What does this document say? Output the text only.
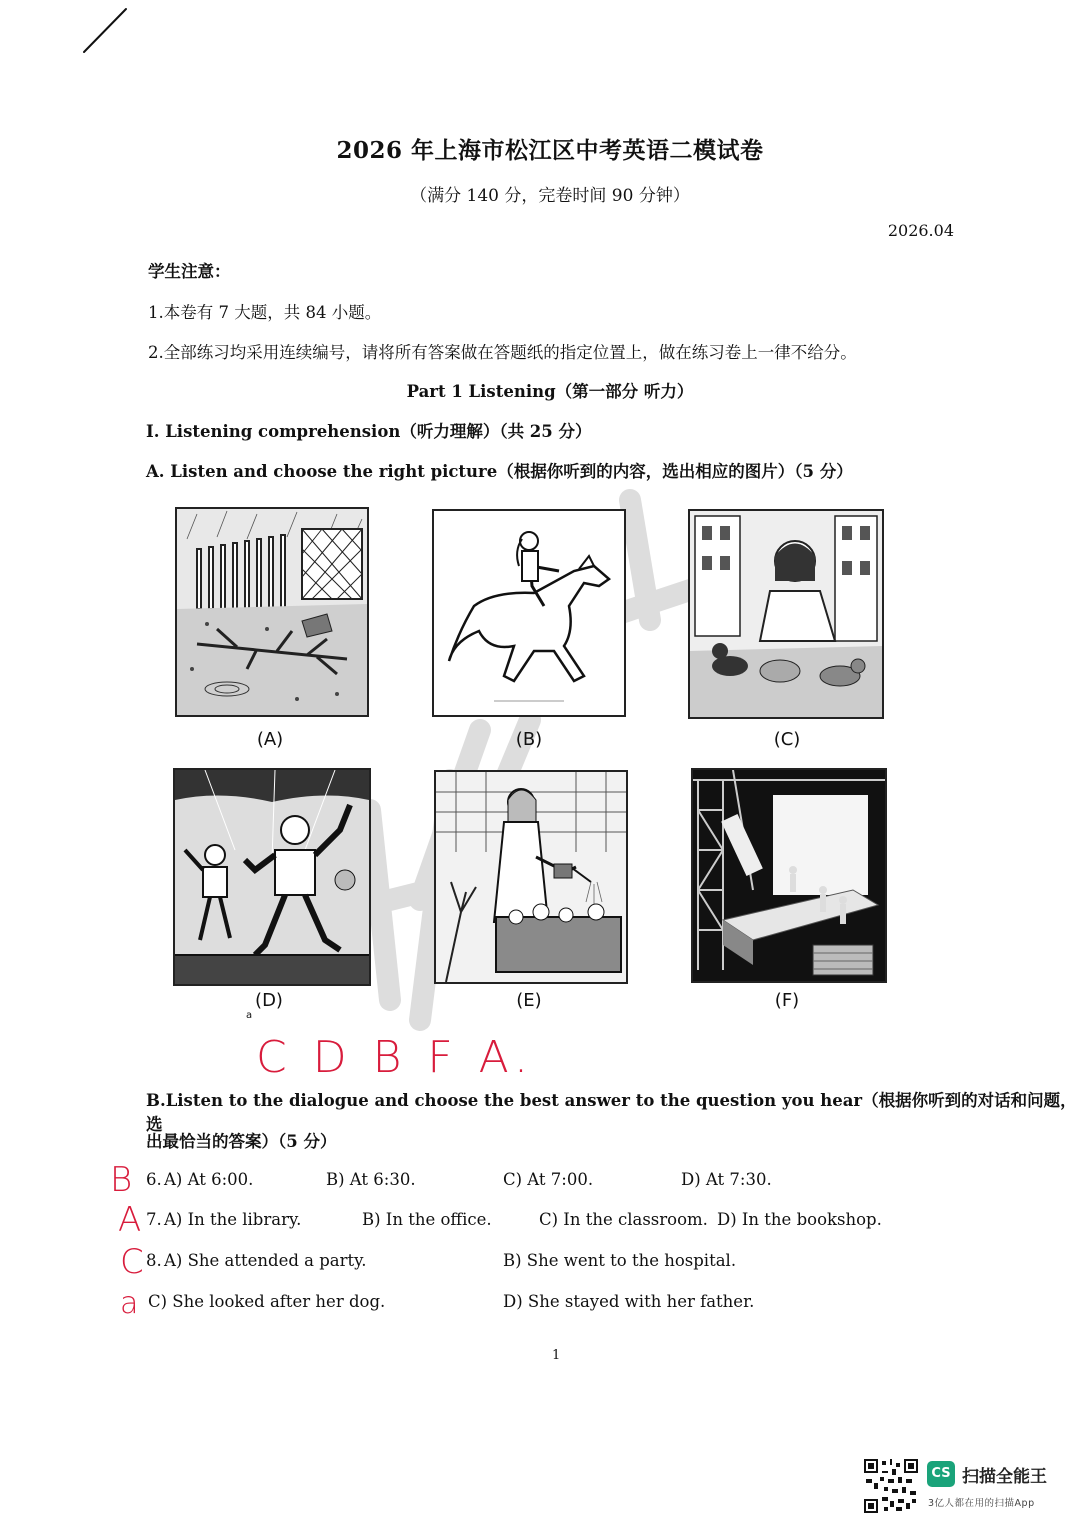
2026 年上海市松江区中考英语二模试卷
（满分 140 分，完卷时间 90 分钟）
2026.04
学生注意：
1.本卷有 7 大题，共 84 小题。
2.全部练习均采用连续编号，请将所有答案做在答题纸的指定位置上，做在练习卷上一律不给分。
Part 1 Listening（第一部分 听力）
I. Listening comprehension（听力理解）（共 25 分）
A. Listen and choose the right picture（根据你听到的内容，选出相应的图片）（5 分）
(A)	(B)	(C)
(D)
a
(E)	(F)
C D B F A.
B.Listen to the dialogue and choose the best answer to the question you hear（根据你听到的对话和问题，选
出最恰当的答案）（5 分）
B 6. A) At 6:00.	B) At 6:30.	C) At 7:00.	D) At 7:30.
A 7. A) In the library.	B) In the office.	C) In the classroom. D) In the bookshop.
C 8. A) She attended a party.	B) She went to the hospital.
a C) She looked after her dog.	D) She stayed with her father.
1
CS 扫描全能王
3亿人都在用的扫描App
